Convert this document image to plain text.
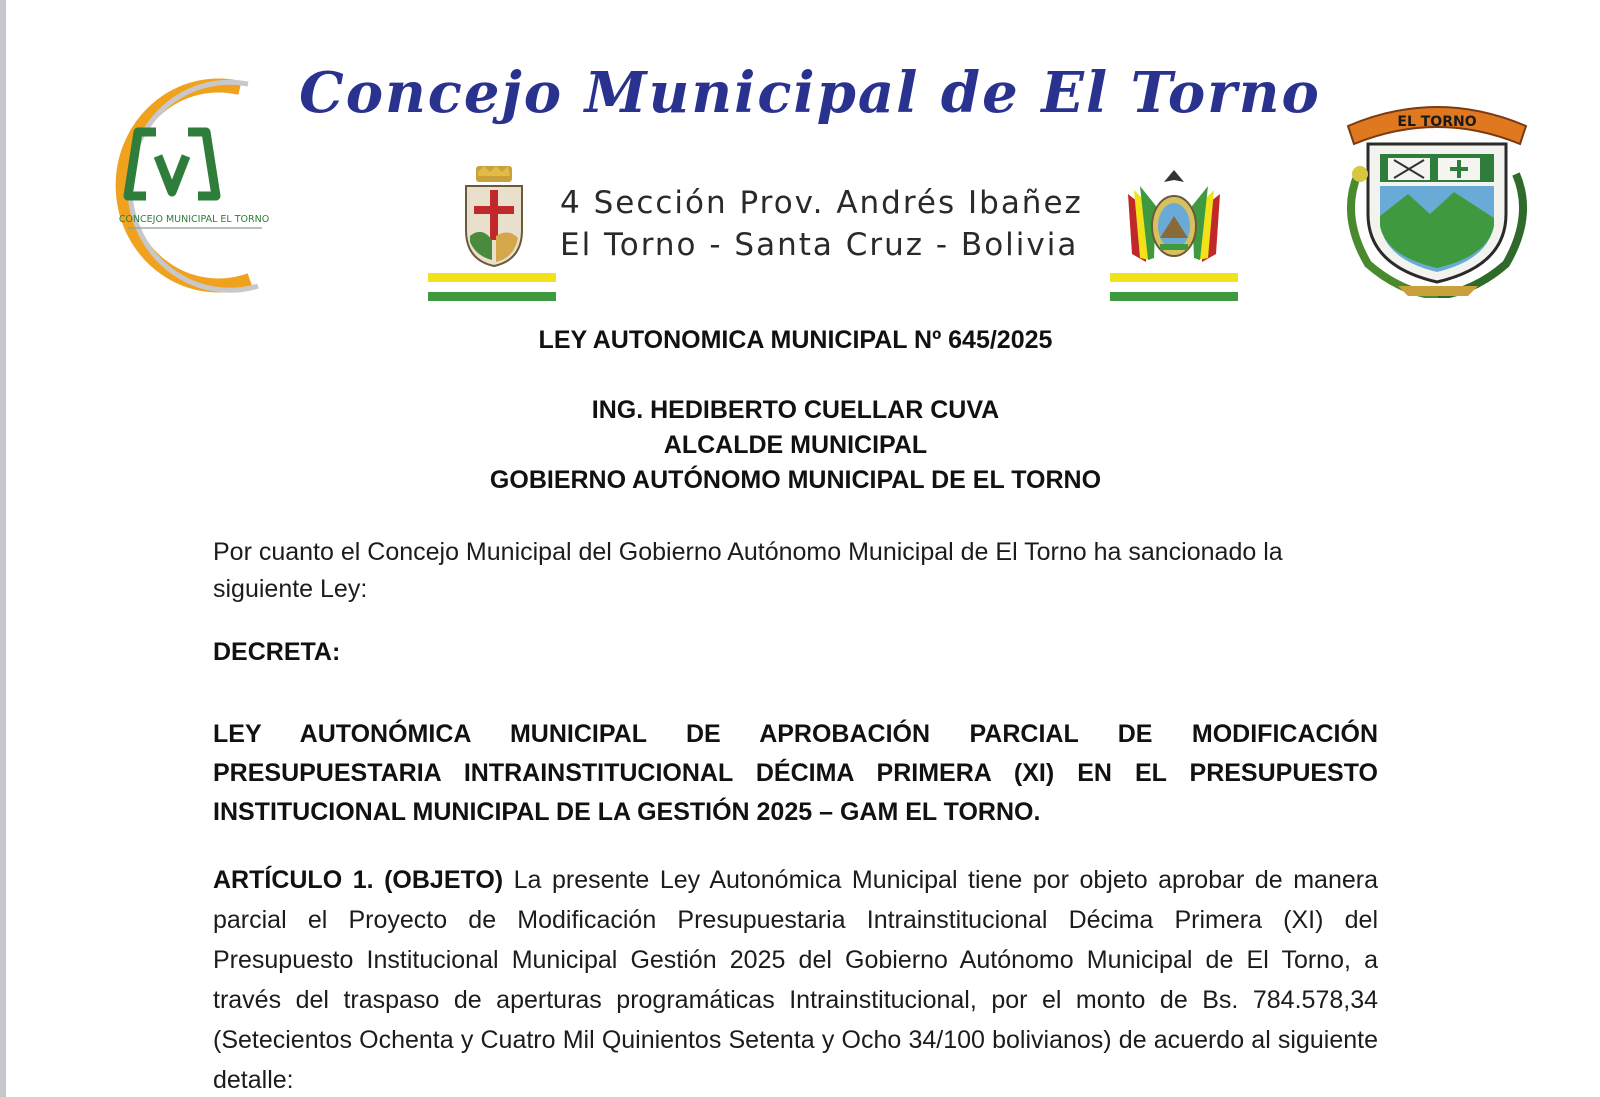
CONCEJO MUNICIPAL EL TORNO
Concejo Municipal de El Torno
4 Sección Prov. Andrés Ibañez
El Torno - Santa Cruz - Bolivia
EL TORNO
LEY AUTONOMICA MUNICIPAL Nº 645/2025
ING. HEDIBERTO CUELLAR CUVA
ALCALDE MUNICIPAL
GOBIERNO AUTÓNOMO MUNICIPAL DE EL TORNO
Por cuanto el Concejo Municipal del Gobierno Autónomo Municipal de El Torno ha sancionado la siguiente Ley:
DECRETA:
LEY AUTONÓMICA MUNICIPAL DE APROBACIÓN PARCIAL DE MODIFICACIÓN PRESUPUESTARIA INTRAINSTITUCIONAL DÉCIMA PRIMERA (XI) EN EL PRESUPUESTO INSTITUCIONAL MUNICIPAL DE LA GESTIÓN 2025 – GAM EL TORNO.
ARTÍCULO 1. (OBJETO) La presente Ley Autonómica Municipal tiene por objeto aprobar de manera parcial el Proyecto de Modificación Presupuestaria Intrainstitucional Décima Primera (XI) del Presupuesto Institucional Municipal Gestión 2025 del Gobierno Autónomo Municipal de El Torno, a través del traspaso de aperturas programáticas Intrainstitucional, por el monto de Bs. 784.578,34 (Setecientos Ochenta y Cuatro Mil Quinientos Setenta y Ocho 34/100 bolivianos) de acuerdo al siguiente detalle:
